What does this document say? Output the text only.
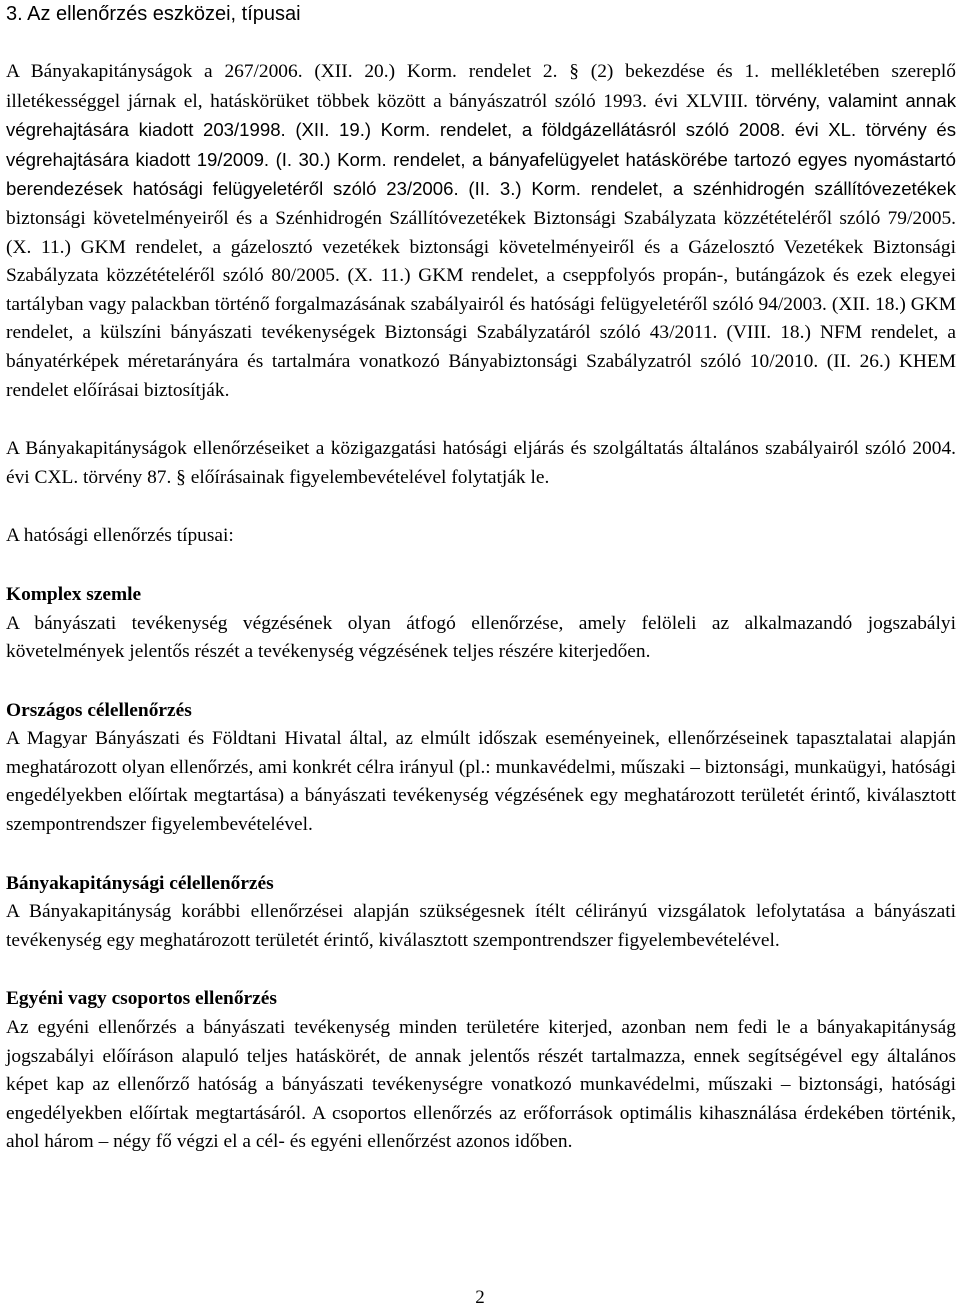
3. Az ellenőrzés eszközei, típusai

A Bányakapitányságok a 267/2006. (XII. 20.) Korm. rendelet 2. § (2) bekezdése és 1. mellékletében szereplő illetékességgel járnak el, hatáskörüket többek között a bányászatról szóló 1993. évi XLVIII. törvény, valamint annak végrehajtására kiadott 203/1998. (XII. 19.) Korm. rendelet, a földgázellátásról szóló 2008. évi XL. törvény és végrehajtására kiadott 19/2009. (I. 30.) Korm. rendelet, a bányafelügyelet hatáskörébe tartozó egyes nyomástartó berendezések hatósági felügyeletéről szóló 23/2006. (II. 3.) Korm. rendelet, a szénhidrogén szállítóvezetékek biztonsági követelményeiről és a Szénhidrogén Szállítóvezetékek Biztonsági Szabályzata közzétételéről szóló 79/2005. (X. 11.) GKM rendelet, a gázelosztó vezetékek biztonsági követelményeiről és a Gázelosztó Vezetékek Biztonsági Szabályzata közzétételéről szóló 80/2005. (X. 11.) GKM rendelet, a cseppfolyós propán-, butángázok és ezek elegyei tartályban vagy palackban történő forgalmazásának szabályairól és hatósági felügyeletéről szóló 94/2003. (XII. 18.) GKM rendelet, a külszíni bányászati tevékenységek Biztonsági Szabályzatáról szóló 43/2011. (VIII. 18.) NFM rendelet, a bányatérképek méretarányára és tartalmára vonatkozó Bányabiztonsági Szabályzatról szóló 10/2010. (II. 26.) KHEM rendelet előírásai biztosítják.

A Bányakapitányságok ellenőrzéseiket a közigazgatási hatósági eljárás és szolgáltatás általános szabályairól szóló 2004. évi CXL. törvény 87. § előírásainak figyelembevételével folytatják le.

A hatósági ellenőrzés típusai:

Komplex szemle

A bányászati tevékenység végzésének olyan átfogó ellenőrzése, amely felöleli az alkalmazandó jogszabályi követelmények jelentős részét a tevékenység végzésének teljes részére kiterjedően.

Országos célellenőrzés

A Magyar Bányászati és Földtani Hivatal által, az elmúlt időszak eseményeinek, ellenőrzéseinek tapasztalatai alapján meghatározott olyan ellenőrzés, ami konkrét célra irányul (pl.: munkavédelmi, műszaki – biztonsági, munkaügyi, hatósági engedélyekben előírtak megtartása) a bányászati tevékenység végzésének egy meghatározott területét érintő, kiválasztott szempontrendszer figyelembevételével.

Bányakapitánysági célellenőrzés

A Bányakapitányság korábbi ellenőrzései alapján szükségesnek ítélt célirányú vizsgálatok lefolytatása a bányászati tevékenység egy meghatározott területét érintő, kiválasztott szempontrendszer figyelembevételével.

Egyéni vagy csoportos ellenőrzés

Az egyéni ellenőrzés a bányászati tevékenység minden területére kiterjed, azonban nem fedi le a bányakapitányság jogszabályi előíráson alapuló teljes hatáskörét, de annak jelentős részét tartalmazza, ennek segítségével egy általános képet kap az ellenőrző hatóság a bányászati tevékenységre vonatkozó munkavédelmi, műszaki – biztonsági, hatósági engedélyekben előírtak megtartásáról. A csoportos ellenőrzés az erőforrások optimális kihasználása érdekében történik, ahol három – négy fő végzi el a cél- és egyéni ellenőrzést azonos időben.

2
